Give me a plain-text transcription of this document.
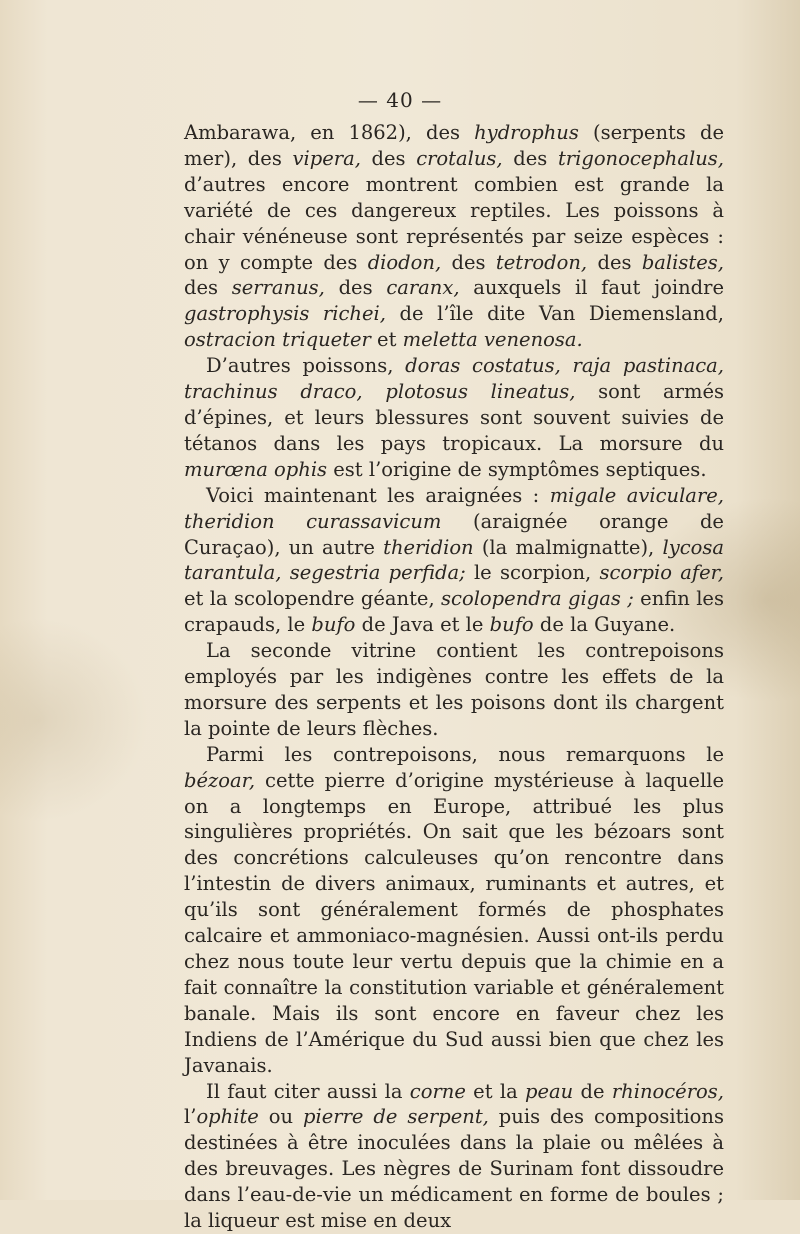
— 40 —

Ambarawa, en 1862), des hydrophus (serpents de mer), des vipera, des crotalus, des trigonocephalus, d’autres encore montrent combien est grande la variété de ces dangereux reptiles. Les poissons à chair vénéneuse sont représentés par seize espèces : on y compte des diodon, des tetrodon, des balistes, des serranus, des caranx, auxquels il faut joindre gastrophysis richei, de l’île dite Van Diemensland, ostracion triqueter et meletta venenosa.

D’autres poissons, doras costatus, raja pastinaca, trachinus draco, plotosus lineatus, sont armés d’épines, et leurs blessures sont souvent suivies de tétanos dans les pays tropicaux. La morsure du murœna ophis est l’origine de symptômes septiques.

Voici maintenant les araignées : migale aviculare, theridion curassavicum (araignée orange de Curaçao), un autre theridion (la malmignatte), lycosa tarantula, segestria perfida; le scorpion, scorpio afer, et la scolopendre géante, scolopendra gigas ; enfin les crapauds, le bufo de Java et le bufo de la Guyane.

La seconde vitrine contient les contrepoisons employés par les indigènes contre les effets de la morsure des serpents et les poisons dont ils chargent la pointe de leurs flèches.

Parmi les contrepoisons, nous remarquons le bézoar, cette pierre d’origine mystérieuse à laquelle on a longtemps en Europe, attribué les plus singulières propriétés. On sait que les bézoars sont des concrétions calculeuses qu’on rencontre dans l’intestin de divers animaux, ruminants et autres, et qu’ils sont généralement formés de phosphates calcaire et ammoniaco-magnésien. Aussi ont-ils perdu chez nous toute leur vertu depuis que la chimie en a fait connaître la constitution variable et généralement banale. Mais ils sont encore en faveur chez les Indiens de l’Amérique du Sud aussi bien que chez les Javanais.

Il faut citer aussi la corne et la peau de rhinocéros, l’ophite ou pierre de serpent, puis des compositions destinées à être inoculées dans la plaie ou mêlées à des breuvages. Les nègres de Surinam font dissoudre dans l’eau-de-vie un médicament en forme de boules ; la liqueur est mise en deux
